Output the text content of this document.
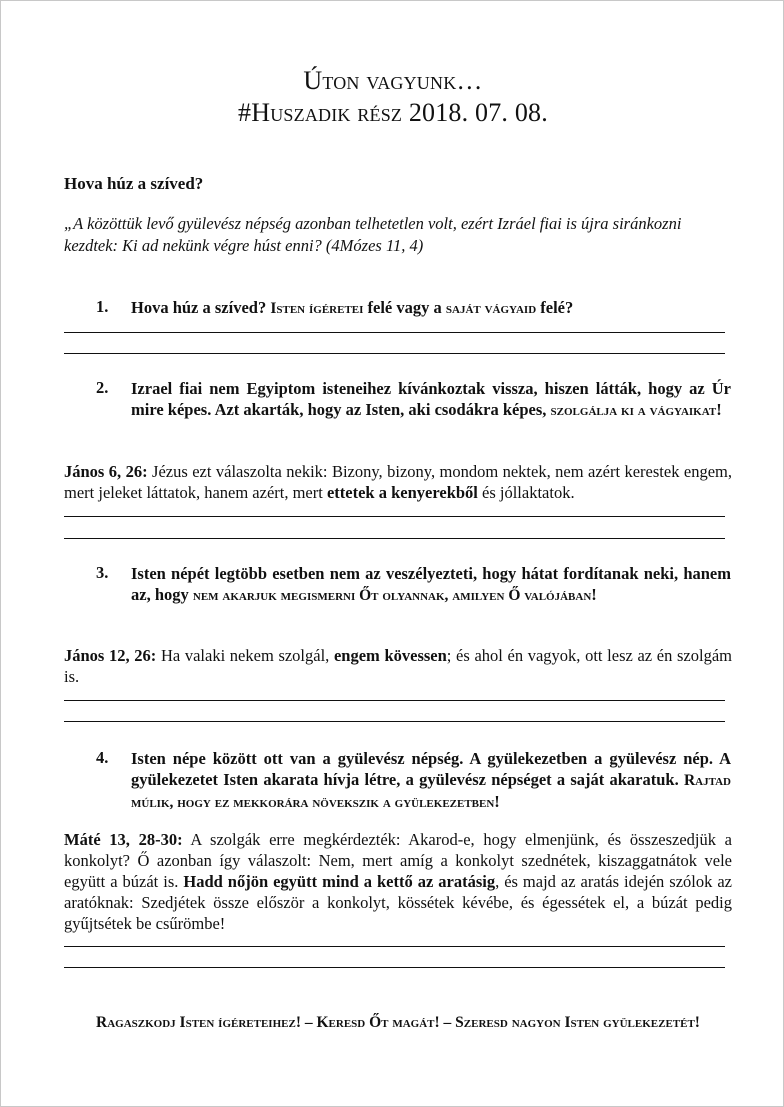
Úton vagyunk…
#Huszadik rész 2018. 07. 08.
Hova húz a szíved?
„A közöttük levő gyülevész népség azonban telhetetlen volt, ezért Izráel fiai is újra siránkozni kezdtek: Ki ad nekünk végre húst enni? (4Mózes 11, 4)
1. Hova húz a szíved? Isten ígéretei felé vagy a saját vágyaid felé?
2. Izrael fiai nem Egyiptom isteneihez kívánkoztak vissza, hiszen látták, hogy az Úr mire képes. Azt akarták, hogy az Isten, aki csodákra képes, szolgálja ki a vágyaikat!
János 6, 26: Jézus ezt válaszolta nekik: Bizony, bizony, mondom nektek, nem azért kerestek engem, mert jeleket láttatok, hanem azért, mert ettetek a kenyerekből és jóllaktatok.
3. Isten népét legtöbb esetben nem az veszélyezteti, hogy hátat fordítanak neki, hanem az, hogy nem akarjuk megismerni Őt olyannak, amilyen Ő valójában!
János 12, 26: Ha valaki nekem szolgál, engem kövessen; és ahol én vagyok, ott lesz az én szolgám is.
4. Isten népe között ott van a gyülevész népség. A gyülekezetben a gyülevész nép. A gyülekezetet Isten akarata hívja létre, a gyülevész népséget a saját akaratuk. Rajtad múlik, hogy ez mekkorára növekszik a gyülekezetben!
Máté 13, 28-30: A szolgák erre megkérdezték: Akarod-e, hogy elmenjünk, és összeszedjük a konkolyt? Ő azonban így válaszolt: Nem, mert amíg a konkolyt szednétek, kiszaggatnátok vele együtt a búzát is. Hadd nőjön együtt mind a kettő az aratásig, és majd az aratás idején szólok az aratóknak: Szedjétek össze először a konkolyt, kössétek kévébe, és égessétek el, a búzát pedig gyűjtsétek be csűrömbe!
Ragaszkodj Isten ígéreteihez! – Keresd Őt magát! – Szeresd nagyon Isten gyülekezetét!
